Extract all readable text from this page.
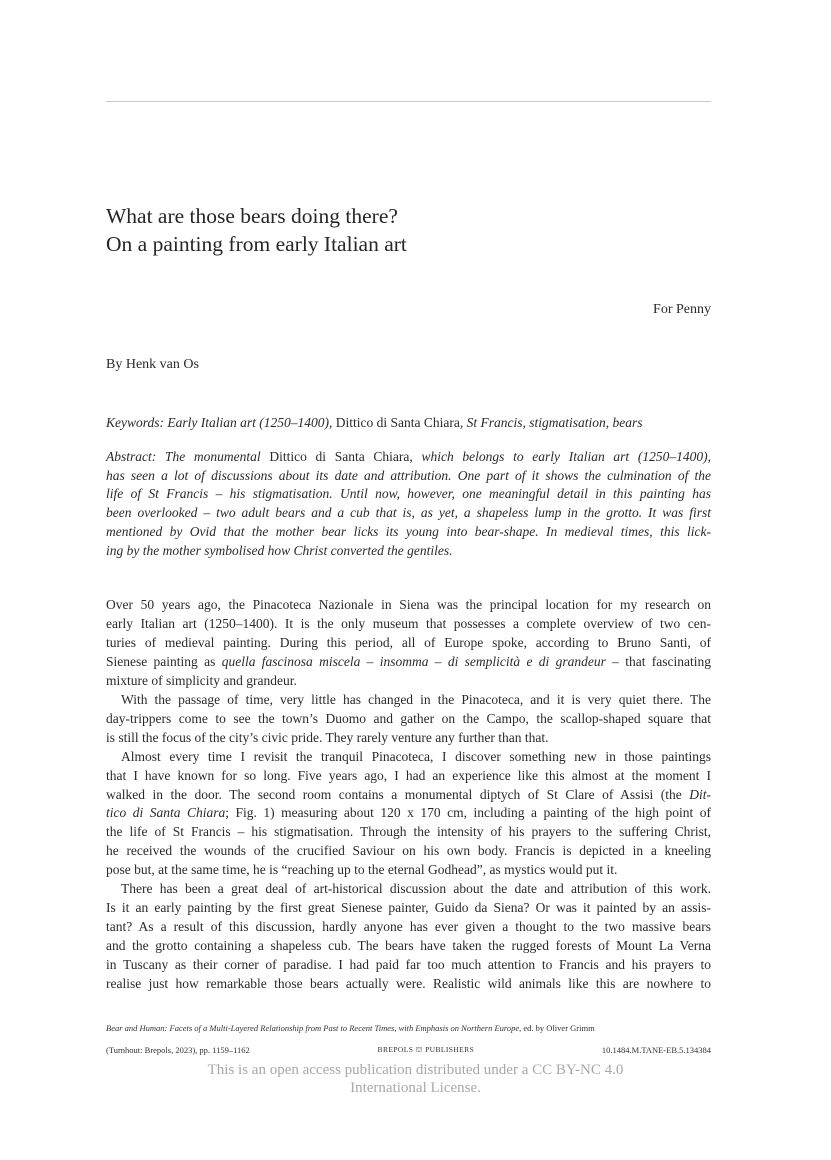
What are those bears doing there?
On a painting from early Italian art
For Penny
By Henk van Os
Keywords: Early Italian art (1250–1400), Dittico di Santa Chiara, St Francis, stigmatisation, bears
Abstract: The monumental Dittico di Santa Chiara, which belongs to early Italian art (1250–1400),
has seen a lot of discussions about its date and attribution. One part of it shows the culmination of the
life of St Francis – his stigmatisation. Until now, however, one meaningful detail in this painting has
been overlooked – two adult bears and a cub that is, as yet, a shapeless lump in the grotto. It was first
mentioned by Ovid that the mother bear licks its young into bear-shape. In medieval times, this lick-
ing by the mother symbolised how Christ converted the gentiles.
Over 50 years ago, the Pinacoteca Nazionale in Siena was the principal location for my research on
early Italian art (1250–1400). It is the only museum that possesses a complete overview of two cen-
turies of medieval painting. During this period, all of Europe spoke, according to Bruno Santi, of
Sienese painting as quella fascinosa miscela – insomma – di semplicità e di grandeur – that fascinating
mixture of simplicity and grandeur.
With the passage of time, very little has changed in the Pinacoteca, and it is very quiet there. The
day-trippers come to see the town’s Duomo and gather on the Campo, the scallop-shaped square that
is still the focus of the city’s civic pride. They rarely venture any further than that.
Almost every time I revisit the tranquil Pinacoteca, I discover something new in those paintings
that I have known for so long. Five years ago, I had an experience like this almost at the moment I
walked in the door. The second room contains a monumental diptych of St Clare of Assisi (the Dit-
tico di Santa Chiara; Fig. 1) measuring about 120 x 170 cm, including a painting of the high point of
the life of St Francis – his stigmatisation. Through the intensity of his prayers to the suffering Christ,
he received the wounds of the crucified Saviour on his own body. Francis is depicted in a kneeling
pose but, at the same time, he is “reaching up to the eternal Godhead”, as mystics would put it.
There has been a great deal of art-historical discussion about the date and attribution of this work.
Is it an early painting by the first great Sienese painter, Guido da Siena? Or was it painted by an assis-
tant? As a result of this discussion, hardly anyone has ever given a thought to the two massive bears
and the grotto containing a shapeless cub. The bears have taken the rugged forests of Mount La Verna
in Tuscany as their corner of paradise. I had paid far too much attention to Francis and his prayers to
realise just how remarkable those bears actually were. Realistic wild animals like this are nowhere to
Bear and Human: Facets of a Multi-Layered Relationship from Past to Recent Times, with Emphasis on Northern Europe, ed. by Oliver Grimm
(Turnhout: Brepols, 2023), pp. 1159–1162	BREPOLS ⛫ PUBLISHERS	10.1484.M.TANE-EB.5.134384
This is an open access publication distributed under a CC BY-NC 4.0
International License.
